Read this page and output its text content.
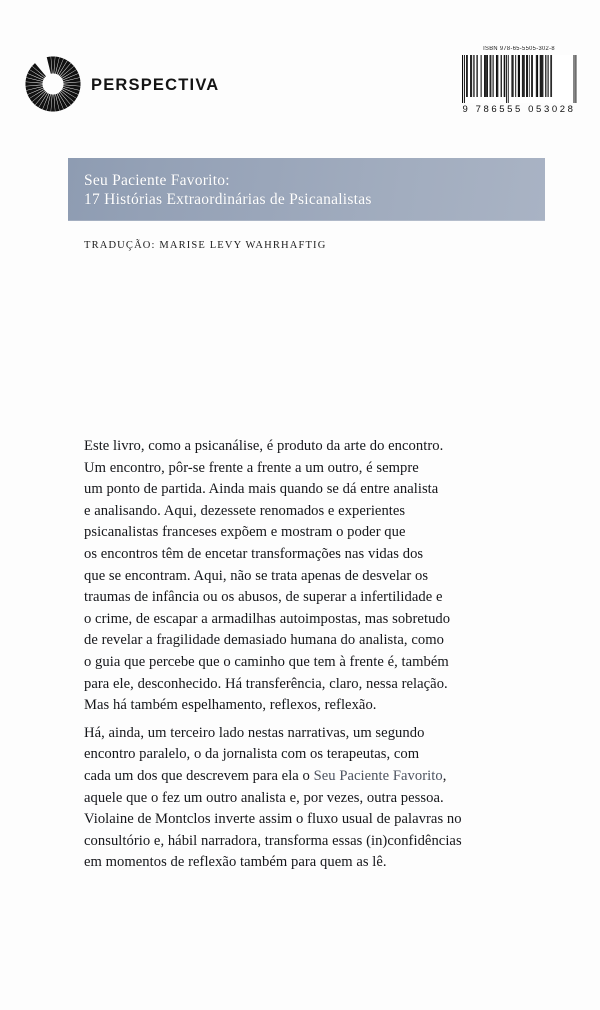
PERSPECTIVA
ISBN 978-65-5505-302-8
9 786555 053028
Seu Paciente Favorito:
17 Histórias Extraordinárias de Psicanalistas
TRADUÇÃO: MARISE LEVY WAHRHAFTIG

Este livro, como a psicanálise, é produto da arte do encontro.
Um encontro, pôr-se frente a frente a um outro, é sempre
um ponto de partida. Ainda mais quando se dá entre analista
e analisando. Aqui, dezessete renomados e experientes
psicanalistas franceses expõem e mostram o poder que
os encontros têm de encetar transformações nas vidas dos
que se encontram. Aqui, não se trata apenas de desvelar os
traumas de infância ou os abusos, de superar a infertilidade e
o crime, de escapar a armadilhas autoimpostas, mas sobretudo
de revelar a fragilidade demasiado humana do analista, como
o guia que percebe que o caminho que tem à frente é, também
para ele, desconhecido. Há transferência, claro, nessa relação.
Mas há também espelhamento, reflexos, reflexão.

Há, ainda, um terceiro lado nestas narrativas, um segundo
encontro paralelo, o da jornalista com os terapeutas, com
cada um dos que descrevem para ela o Seu Paciente Favorito,
aquele que o fez um outro analista e, por vezes, outra pessoa.
Violaine de Montclos inverte assim o fluxo usual de palavras no
consultório e, hábil narradora, transforma essas (in)confidências
em momentos de reflexão também para quem as lê.
